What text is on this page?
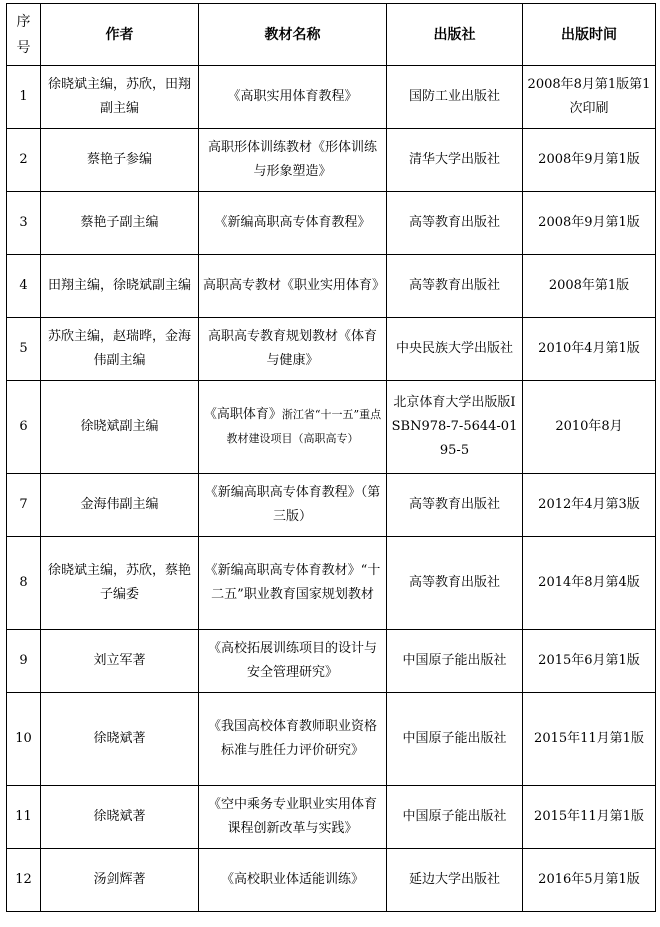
序号	作者	教材名称	出版社	出版时间
1	徐晓斌主编，苏欣，田翔副主编	《高职实用体育教程》	国防工业出版社	2008年8月第1版第1次印刷
2	蔡艳子参编	高职形体训练教材《形体训练与形象塑造》	清华大学出版社	2008年9月第1版
3	蔡艳子副主编	《新编高职高专体育教程》	高等教育出版社	2008年9月第1版
4	田翔主编，徐晓斌副主编	高职高专教材《职业实用体育》	高等教育出版社	2008年第1版
5	苏欣主编，赵瑞晔，金海伟副主编	高职高专教育规划教材《体育与健康》	中央民族大学出版社	2010年4月第1版
6	徐晓斌副主编	《高职体育》浙江省“十一五”重点教材建设项目（高职高专）	北京体育大学出版版ISBN978-7-5644-0195-5	2010年8月
7	金海伟副主编	《新编高职高专体育教程》（第三版）	高等教育出版社	2012年4月第3版
8	徐晓斌主编，苏欣，蔡艳子编委	《新编高职高专体育教材》“十二五”职业教育国家规划教材	高等教育出版社	2014年8月第4版
9	刘立军著	《高校拓展训练项目的设计与安全管理研究》	中国原子能出版社	2015年6月第1版
10	徐晓斌著	《我国高校体育教师职业资格标准与胜任力评价研究》	中国原子能出版社	2015年11月第1版
11	徐晓斌著	《空中乘务专业职业实用体育课程创新改革与实践》	中国原子能出版社	2015年11月第1版
12	汤剑辉著	《高校职业体适能训练》	延边大学出版社	2016年5月第1版
